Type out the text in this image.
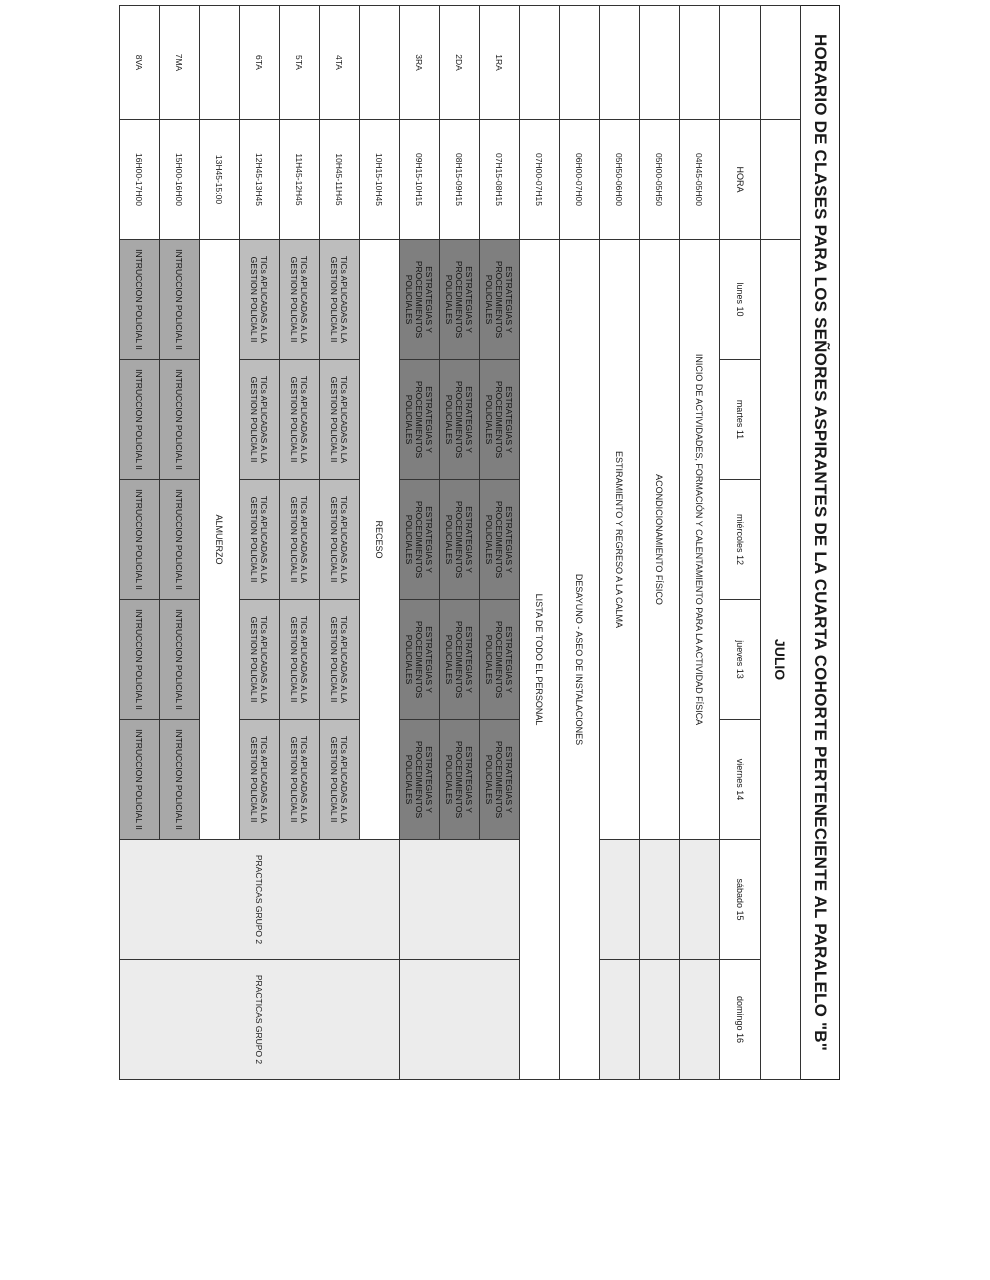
HORARIO DE CLASES PARA LOS SEÑORES ASPIRANTES DE LA CUARTA COHORTE PERTENECIENTE AL PARALELO "B"
		JULIO						
	HORA	lunes 10	martes 11	miércoles 12	jueves 13	viernes 14	sábado 15	domingo 16
	04H45-05H00	INICIO DE ACTIVIDADES, FORMACIÓN Y CALENTAMIENTO PARA LA ACTIVIDAD FÍSICA						
	05H00-05H50	ACONDICIONAMIENTO FÍSICO						
	05H50-06H00	ESTIRAMIENTO Y REGRESO A LA CALMA						
	06H00-07H00	DESAYUNO - ASEO DE INSTALACIONES						
	07H00-07H15	LISTA DE TODO EL PERSONAL						
1RA	07H15-08H15	ESTRATEGIAS Y PROCEDIMIENTOS POLICIALES	ESTRATEGIAS Y PROCEDIMIENTOS POLICIALES	ESTRATEGIAS Y PROCEDIMIENTOS POLICIALES	ESTRATEGIAS Y PROCEDIMIENTOS POLICIALES	ESTRATEGIAS Y PROCEDIMIENTOS POLICIALES		
2DA	08H15-09H15	ESTRATEGIAS Y PROCEDIMIENTOS POLICIALES	ESTRATEGIAS Y PROCEDIMIENTOS POLICIALES	ESTRATEGIAS Y PROCEDIMIENTOS POLICIALES	ESTRATEGIAS Y PROCEDIMIENTOS POLICIALES	ESTRATEGIAS Y PROCEDIMIENTOS POLICIALES		
3RA	09H15-10H15	ESTRATEGIAS Y PROCEDIMIENTOS POLICIALES	ESTRATEGIAS Y PROCEDIMIENTOS POLICIALES	ESTRATEGIAS Y PROCEDIMIENTOS POLICIALES	ESTRATEGIAS Y PROCEDIMIENTOS POLICIALES	ESTRATEGIAS Y PROCEDIMIENTOS POLICIALES		
	10H15-10H45	RECESO					PRACTICAS GRUPO 2	PRACTICAS GRUPO 2
4TA	10H45-11H45	TICs APLICADAS A LA GESTION POLICIAL II	TICs APLICADAS A LA GESTION POLICIAL II	TICs APLICADAS A LA GESTION POLICIAL II	TICs APLICADAS A LA GESTION POLICIAL II	TICs APLICADAS A LA GESTION POLICIAL II		
5TA	11H45-12H45	TICs APLICADAS A LA GESTION POLICIAL II	TICs APLICADAS A LA GESTION POLICIAL II	TICs APLICADAS A LA GESTION POLICIAL II	TICs APLICADAS A LA GESTION POLICIAL II	TICs APLICADAS A LA GESTION POLICIAL II		
6TA	12H45-13H45	TICs APLICADAS A LA GESTION POLICIAL II	TICs APLICADAS A LA GESTION POLICIAL II	TICs APLICADAS A LA GESTION POLICIAL II	TICs APLICADAS A LA GESTION POLICIAL II	TICs APLICADAS A LA GESTION POLICIAL II		
	13H45-15:00	ALMUERZO						
7MA	15H00-16H00	INTRUCCION POLICIAL II	INTRUCCION POLICIAL II	INTRUCCION POLICIAL II	INTRUCCION POLICIAL II	INTRUCCION POLICIAL II		
8VA	16H00-17H00	INTRUCCION POLICIAL II	INTRUCCION POLICIAL II	INTRUCCION POLICIAL II	INTRUCCION POLICIAL II	INTRUCCION POLICIAL II		
